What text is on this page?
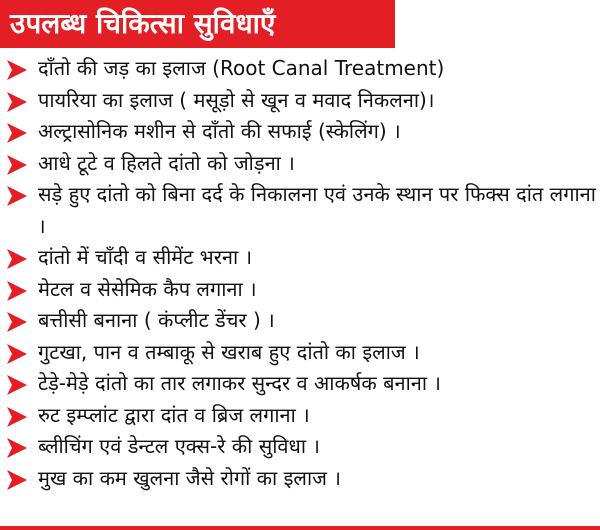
उपलब्ध चिकित्सा सुविधाएँ
दाँतो की जड़ का इलाज (Root Canal Treatment)
पायरिया का इलाज ( मसूड़ो से खून व मवाद निकलना)।
अल्ट्रासोनिक मशीन से दाँतो की सफाई (स्केलिंग) ।
आधे टूटे व हिलते दांतो को जोड़ना ।
सड़े हुए दांतो को बिना दर्द के निकालना एवं उनके स्थान पर फिक्स दांत लगाना ।
दांतो में चाँदी व सीमेंट भरना ।
मेटल व सेसेमिक कैप लगाना ।
बत्तीसी बनाना ( कंप्लीट डेंचर ) ।
गुटखा, पान व तम्बाकू से खराब हुए दांतो का इलाज ।
टेड़े-मेड़े दांतो का तार लगाकर सुन्दर व आकर्षक बनाना ।
रुट इम्प्लांट द्वारा दांत व ब्रिज लगाना ।
ब्लीचिंग एवं डेन्टल एक्स-रे की सुविधा ।
मुख का कम खुलना जैसे रोगों का इलाज ।
